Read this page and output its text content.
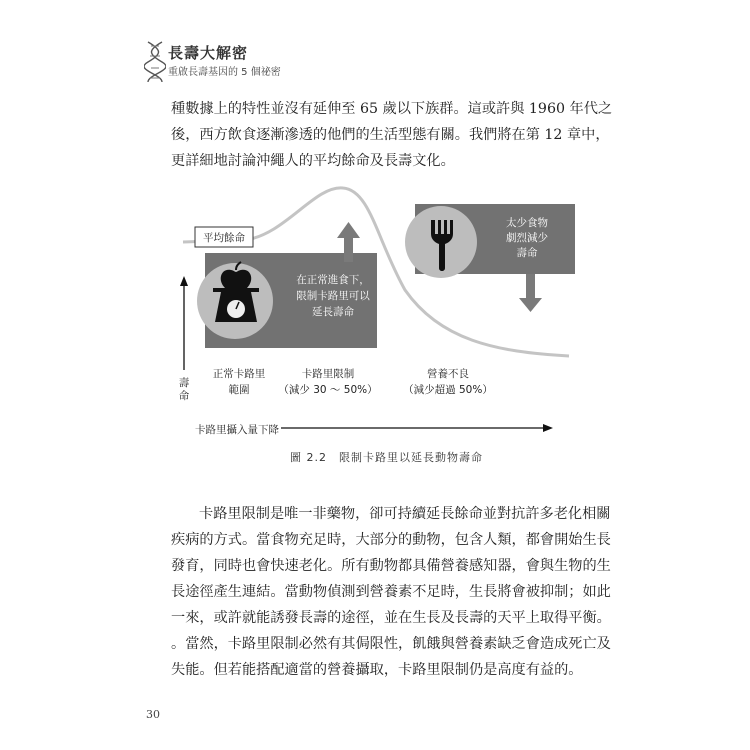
長壽大解密
重啟長壽基因的 5 個祕密

種數據上的特性並沒有延伸至 65 歲以下族群。這或許與 1960 年代之
後，西方飲食逐漸滲透的他們的生活型態有關。我們將在第 12 章中，
更詳細地討論沖繩人的平均餘命及長壽文化。

平均餘命
在正常進食下，
限制卡路里可以
延長壽命
太少食物
劇烈減少
壽命
正常卡路里
範圍
卡路里限制
（減少 30 ～ 50%）
營養不良
（減少超過 50%）
壽命
卡路里攝入量下降
圖 2.2　限制卡路里以延長動物壽命

卡路里限制是唯一非藥物，卻可持續延長餘命並對抗許多老化相關
疾病的方式。當食物充足時，大部分的動物，包含人類，都會開始生長
發育，同時也會快速老化。所有動物都具備營養感知器，會與生物的生
長途徑產生連結。當動物偵測到營養素不足時，生長將會被抑制；如此
一來，或許就能誘發長壽的途徑，並在生長及長壽的天平上取得平衡。
。當然，卡路里限制必然有其侷限性，飢餓與營養素缺乏會造成死亡及
失能。但若能搭配適當的營養攝取，卡路里限制仍是高度有益的。

30
